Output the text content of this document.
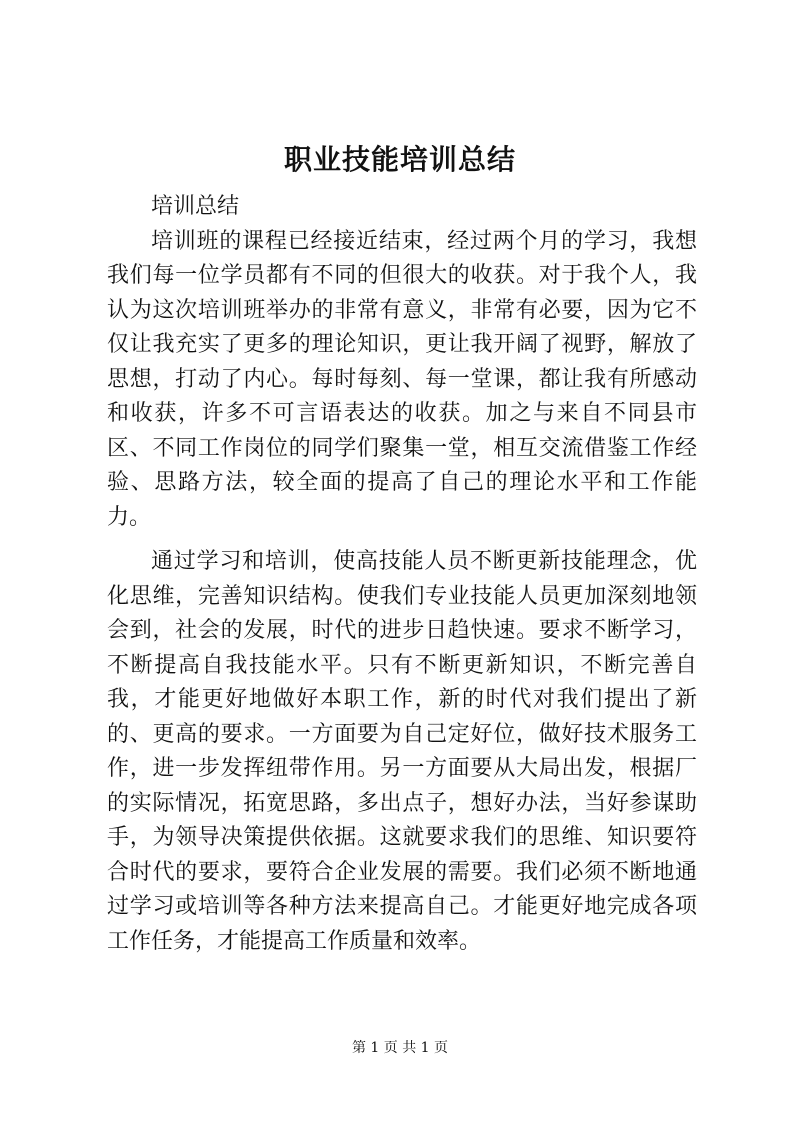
职业技能培训总结

培训总结

培训班的课程已经接近结束，经过两个月的学习，我想我们每一位学员都有不同的但很大的收获。对于我个人，我认为这次培训班举办的非常有意义，非常有必要，因为它不仅让我充实了更多的理论知识，更让我开阔了视野，解放了思想，打动了内心。每时每刻、每一堂课，都让我有所感动和收获，许多不可言语表达的收获。加之与来自不同县市区、不同工作岗位的同学们聚集一堂，相互交流借鉴工作经验、思路方法，较全面的提高了自己的理论水平和工作能力。

通过学习和培训，使高技能人员不断更新技能理念，优化思维，完善知识结构。使我们专业技能人员更加深刻地领会到，社会的发展，时代的进步日趋快速。要求不断学习，不断提高自我技能水平。只有不断更新知识，不断完善自我，才能更好地做好本职工作，新的时代对我们提出了新的、更高的要求。一方面要为自己定好位，做好技术服务工作，进一步发挥纽带作用。另一方面要从大局出发，根据厂的实际情况，拓宽思路，多出点子，想好办法，当好参谋助手，为领导决策提供依据。这就要求我们的思维、知识要符合时代的要求，要符合企业发展的需要。我们必须不断地通过学习或培训等各种方法来提高自己。才能更好地完成各项工作任务，才能提高工作质量和效率。

第 1 页 共 1 页
